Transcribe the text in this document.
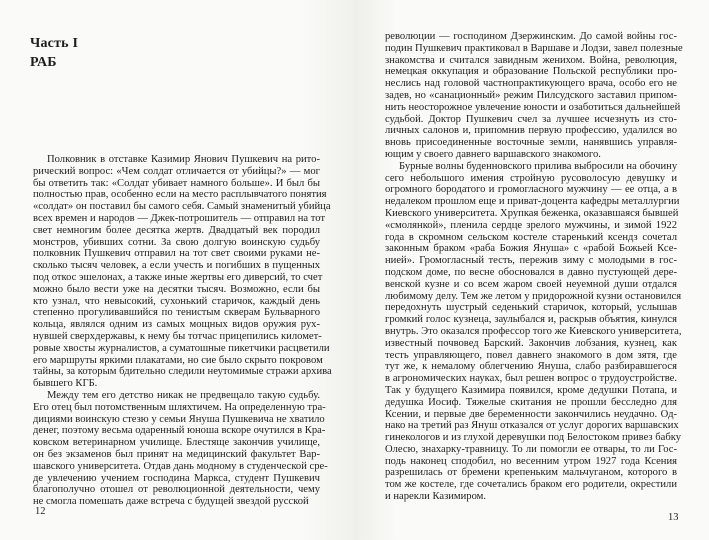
Часть I
РАБ
Полковник в отставке Казимир Янович Пушкевич на рито-
рический вопрос: «Чем солдат отличается от убийцы?» — мог
бы ответить так: «Солдат убивает намного больше». И был бы
полностью прав, особенно если на место расплывчатого понятия
«солдат» он поставил бы самого себя. Самый знаменитый убийца
всех времен и народов — Джек-потрошитель — отправил на тот
свет немногим более десятка жертв. Двадцатый век породил
монстров, убивших сотни. За свою долгую воинскую судьбу
полковник Пушкевич отправил на тот свет своими руками не-
сколько тысяч человек, а если учесть и погибших в пущенных
под откос эшелонах, а также иные жертвы его диверсий, то счет
можно было вести уже на десятки тысяч. Возможно, если бы
кто узнал, что невысокий, сухонький старичок, каждый день
степенно прогуливавшийся по тенистым скверам Бульварного
кольца, являлся одним из самых мощных видов оружия рух-
нувшей сверхдержавы, к нему бы тотчас прицепились километ-
ровые хвосты журналистов, а суматошные пикетчики расцветили
его маршруты яркими плакатами, но сие было скрыто покровом
тайны, за которым бдительно следили неутомимые стражи архива
бывшего КГБ.
Между тем его детство никак не предвещало такую судьбу.
Его отец был потомственным шляхтичем. На определенную тра-
дициями воинскую стезю у семьи Януша Пушкевича не хватило
денег, поэтому весьма одаренный юноша вскоре очутился в Кра-
ковском ветеринарном училище. Блестяще закончив училище,
он без экзаменов был принят на медицинский факультет Вар-
шавского университета. Отдав дань модному в студенческой сре-
де увлечению учением господина Маркса, студент Пушкевич
благополучно отошел от революционной деятельности, чему
не смогла помешать даже встреча с будущей звездой русской
12
революции — господином Дзержинским. До самой войны гос-
подин Пушкевич практиковал в Варшаве и Лодзи, завел полезные
знакомства и считался завидным женихом. Война, революция,
немецкая оккупация и образование Польской республики про-
неслись над головой частнопрактикующего врача, особо его не
задев, но «санационный» режим Пилсудского заставил припом-
нить неосторожное увлечение юности и озаботиться дальнейшей
судьбой. Доктор Пушкевич счел за лучшее исчезнуть из сто-
личных салонов и, припомнив первую профессию, удалился во
вновь присоединенные восточные земли, нанявшись управля-
ющим у своего давнего варшавского знакомого.
Бурные волны буденновского прилива выбросили на обочину
сего небольшого имения стройную русоволосую девушку и
огромного бородатого и громогласного мужчину — ее отца, а в
недалеком прошлом еще и приват-доцента кафедры металлургии
Киевского университета. Хрупкая беженка, оказавшаяся бывшей
«смолянкой», пленила сердце зрелого мужчины, и зимой 1922
года в скромном сельском костеле старенький ксендз сочетал
законным браком «раба Божия Януша» с «рабой Божьей Ксе-
нией». Громогласный тесть, пережив зиму с молодыми в гос-
подском доме, по весне обосновался в давно пустующей дере-
венской кузне и со всем жаром своей неуемной души отдался
любимому делу. Тем же летом у придорожной кузни остановился
передохнуть шустрый седенький старичок, который, услышав
громкий голос кузнеца, заулыбался и, раскрыв объятия, кинулся
внутрь. Это оказался профессор того же Киевского университета,
известный почвовед Барский. Закончив лобзания, кузнец, как
тесть управляющего, повел давнего знакомого в дом зятя, где
тут же, к немалому облегчению Януша, слабо разбиравшегося
в агрономических науках, был решен вопрос о трудоустройстве.
Так у будущего Казимира появился, кроме дедушки Потапа, и
дедушка Иосиф. Тяжелые скитания не прошли бесследно для
Ксении, и первые две беременности закончились неудачно. Од-
нако на третий раз Януш отказался от услуг дорогих варшавских
гинекологов и из глухой деревушки под Белостоком привез бабку
Олесю, знахарку-травницу. То ли помогли ее отвары, то ли Гос-
подь наконец сподобил, но весенним утром 1927 года Ксения
разрешилась от бремени крепеньким мальчуганом, которого в
том же костеле, где сочетались браком его родители, окрестили
и нарекли Казимиром.
13
